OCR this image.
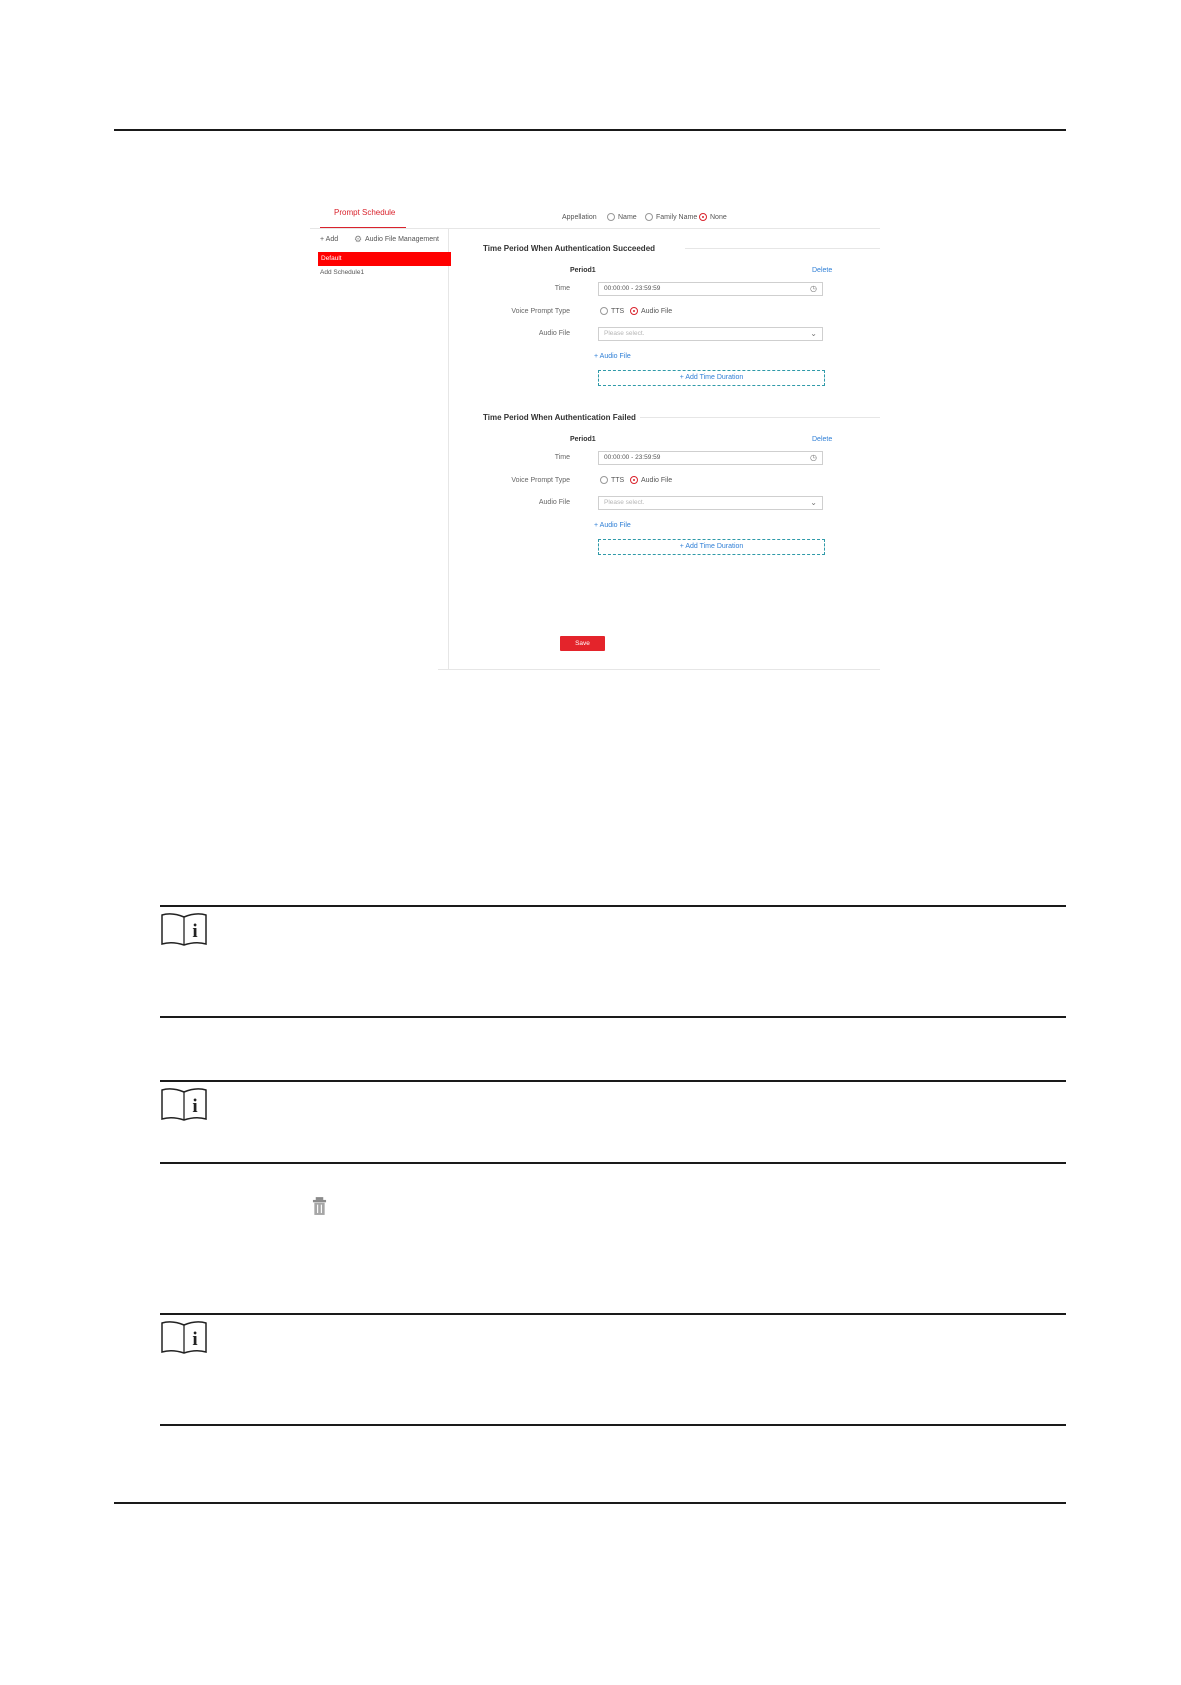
Prompt Schedule
+ Add ⚙ Audio File Management
Default
Add Schedule1
Appellation	Name	Family Name	None
Time Period When Authentication Succeeded
Period1	Delete
Time	00:00:00 - 23:59:59	◷
Voice Prompt Type	TTS	Audio File
Audio File	Please select.	⌄
+ Audio File
+ Add Time Duration
Time Period When Authentication Failed
Period1	Delete
Time	00:00:00 - 23:59:59	◷
Voice Prompt Type	TTS	Audio File
Audio File	Please select.	⌄
+ Audio File
+ Add Time Duration
Save
i
i
i
